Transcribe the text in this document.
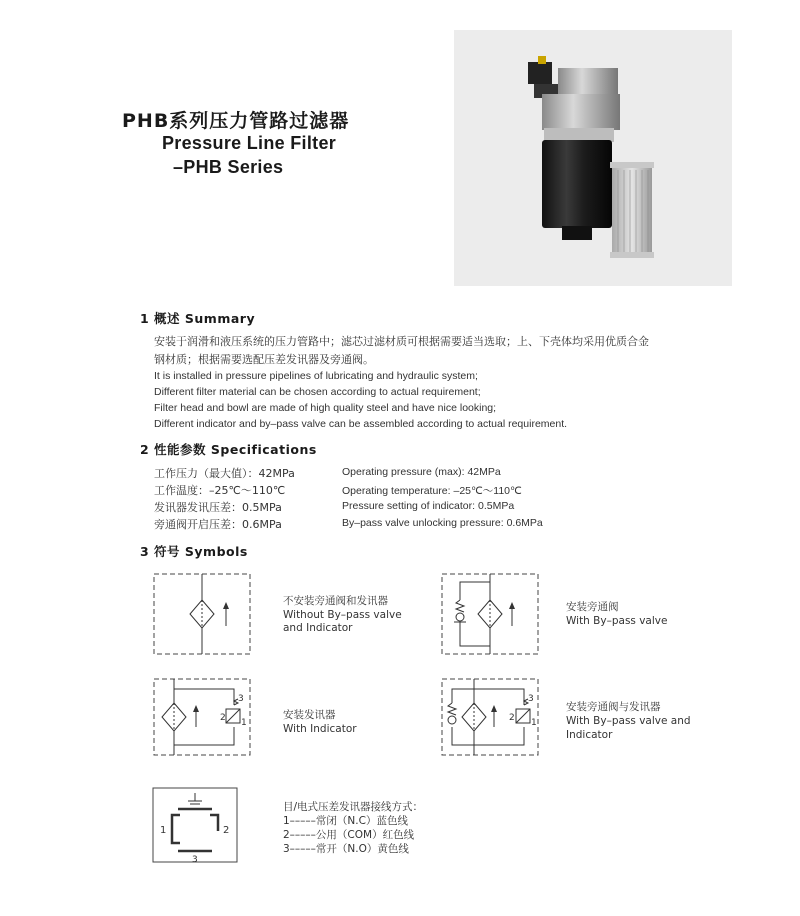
PHB系列压力管路过滤器
Pressure Line Filter
–PHB Series
1 概述 Summary
安装于润滑和液压系统的压力管路中；滤芯过滤材质可根据需要适当选取；上、下壳体均采用优质合金
钢材质；根据需要选配压差发讯器及旁通阀。
It is installed in pressure pipelines of lubricating and hydraulic system;
Different filter material can be chosen according to actual requirement;
Filter head and bowl are made of high quality steel and have nice looking;
Different indicator and by–pass valve can be assembled according to actual requirement.
2 性能参数 Specifications
工作压力（最大值）：42MPa	Operating pressure (max): 42MPa
工作温度：–25℃～110℃	Operating temperature: –25℃～110℃
发讯器发讯压差：0.5MPa	Pressure setting of indicator: 0.5MPa
旁通阀开启压差：0.6MPa	By–pass valve unlocking pressure: 0.6MPa
3 符号 Symbols
不安装旁通阀和发讯器
Without By–pass valve
and Indicator
安装旁通阀
With By–pass valve
3
2 1
安装发讯器
With Indicator
3
2 1
安装旁通阀与发讯器
With By–pass valve and
Indicator
1	2
3
目/电式压差发讯器接线方式：
1–––––常闭（N.C）蓝色线
2–––––公用（COM）红色线
3–––––常开（N.O）黄色线
